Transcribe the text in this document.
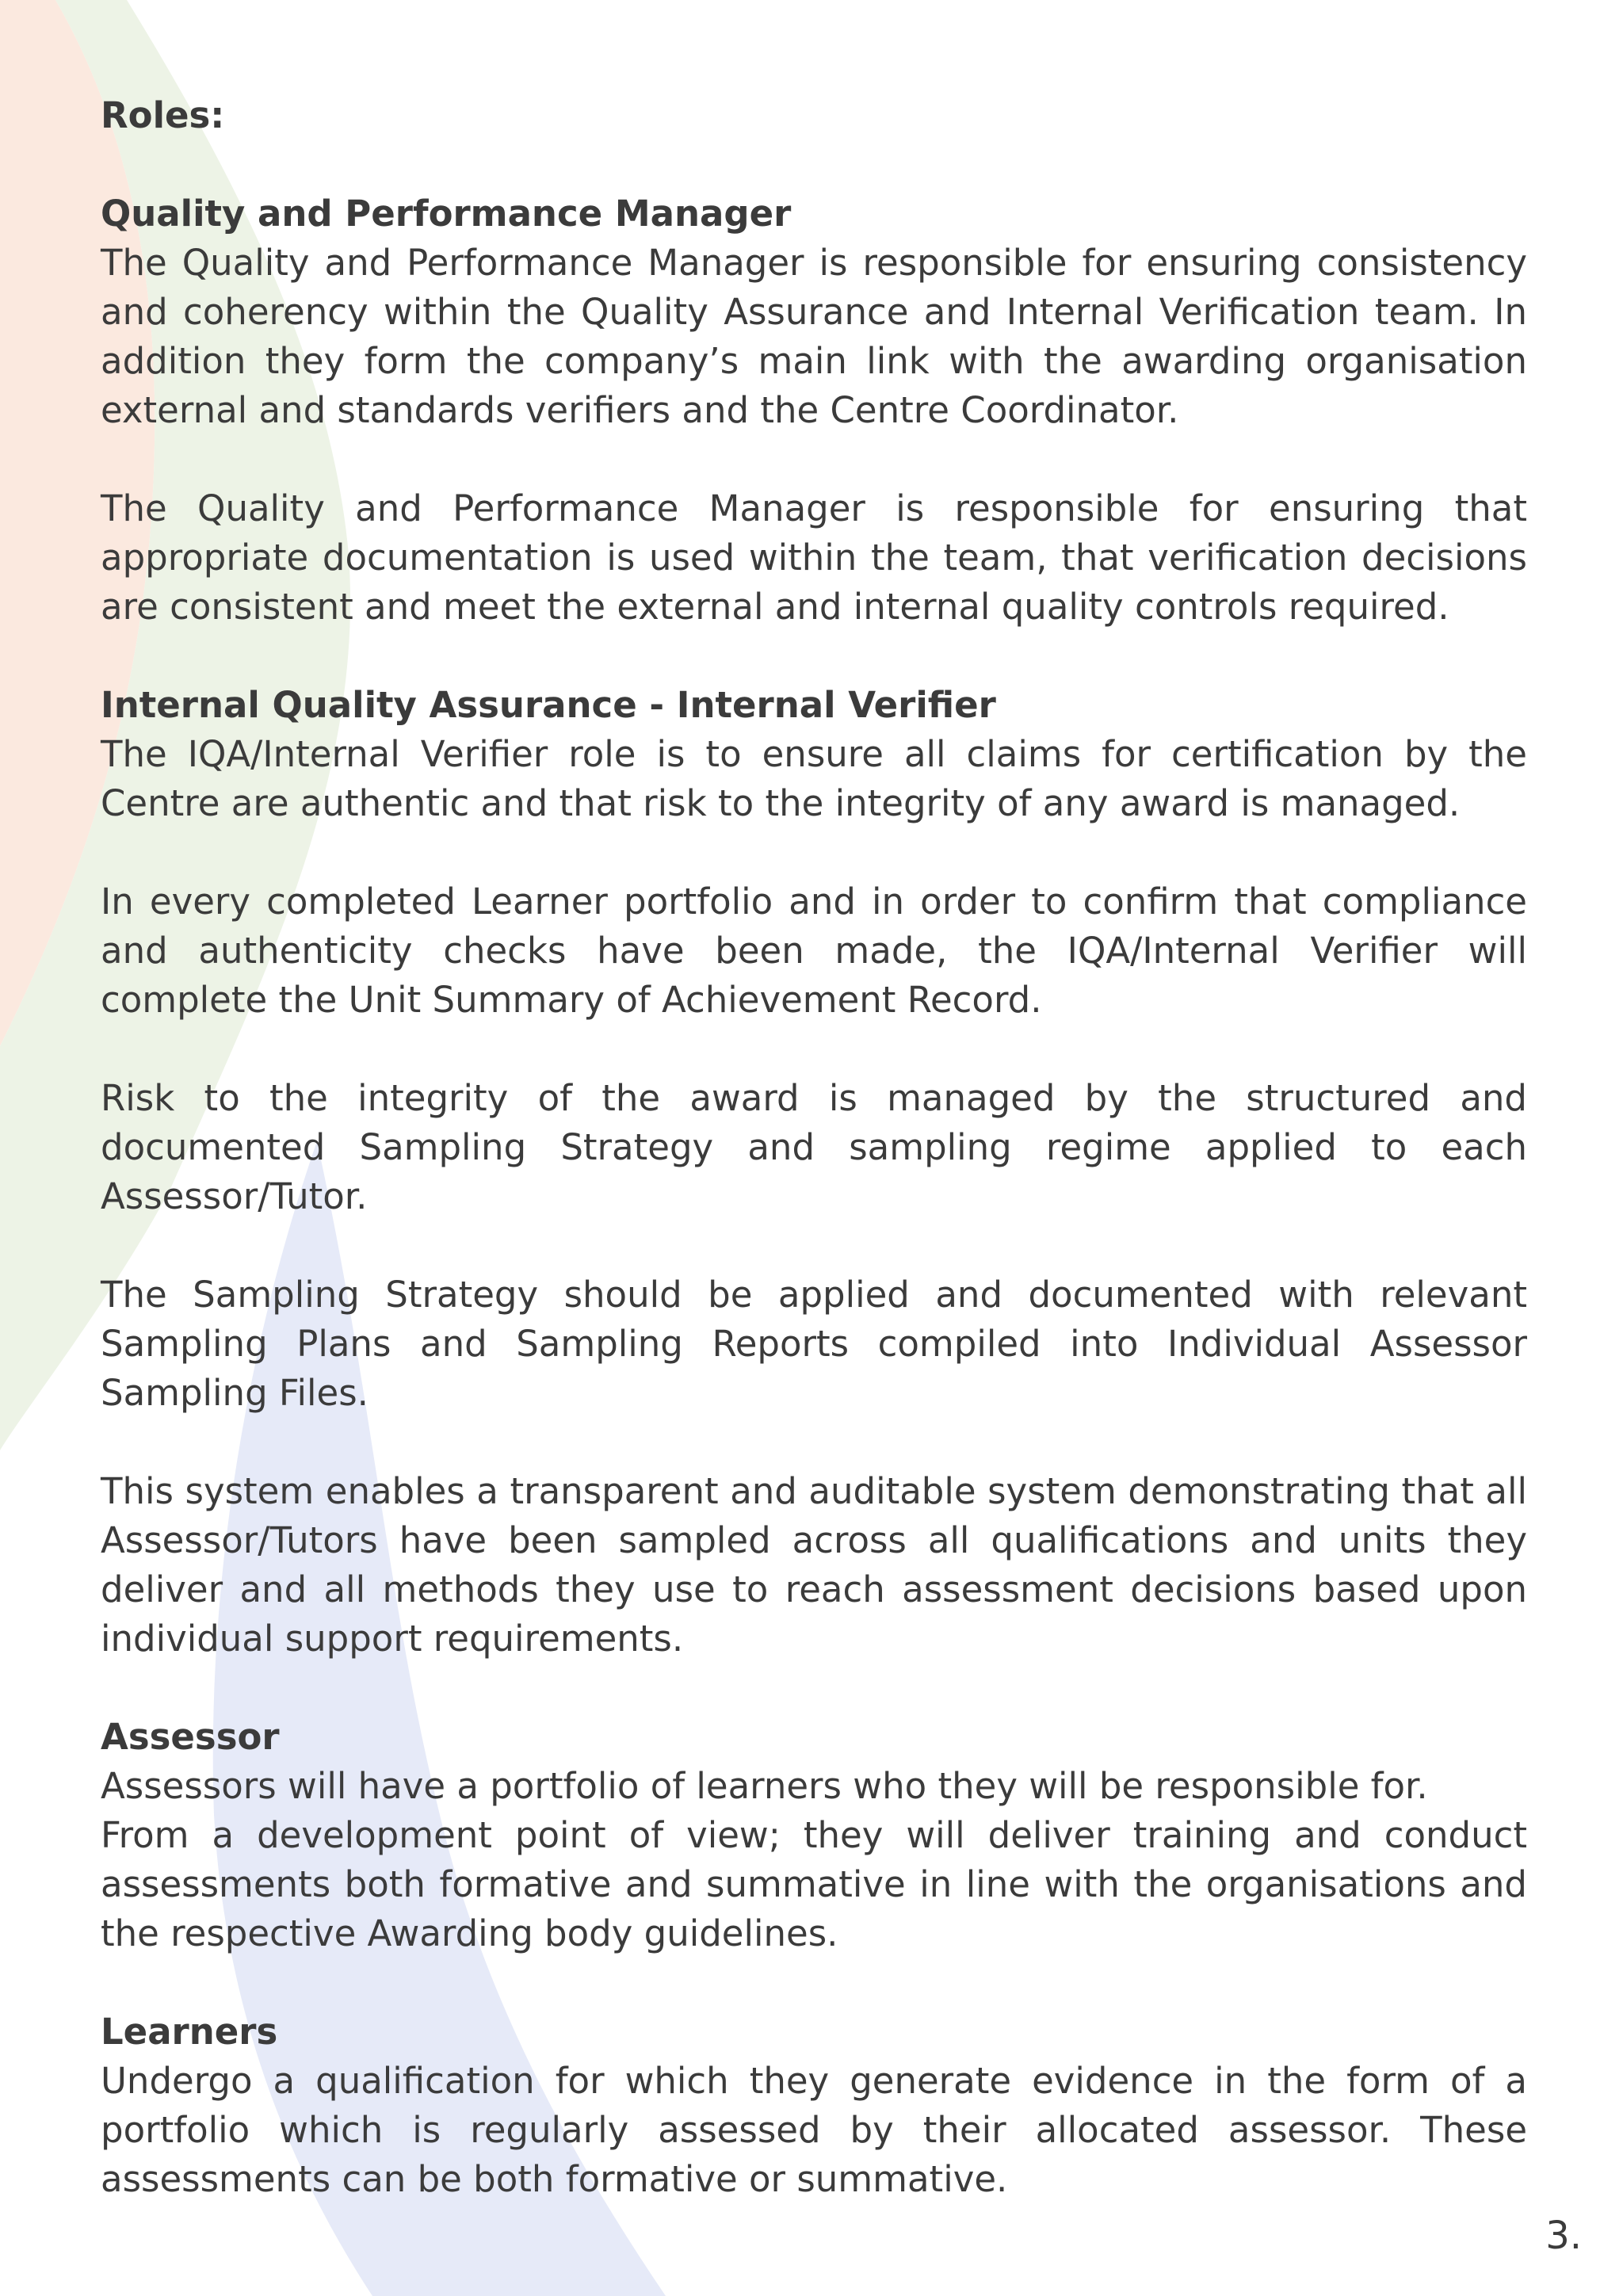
Roles:

Quality and Performance Manager

The Quality and Performance Manager is responsible for ensuring consistency and coherency within the Quality Assurance and Internal Verification team. In addition they form the company’s main link with the awarding organisation external and standards verifiers and the Centre Coordinator.

The Quality and Performance Manager is responsible for ensuring that appropriate documentation is used within the team, that verification decisions are consistent and meet the external and internal quality controls required.

Internal Quality Assurance - Internal Verifier

The IQA/Internal Verifier role is to ensure all claims for certification by the Centre are authentic and that risk to the integrity of any award is managed.

In every completed Learner portfolio and in order to confirm that compliance and authenticity checks have been made, the IQA/Internal Verifier will complete the Unit Summary of Achievement Record.

Risk to the integrity of the award is managed by the structured and documented Sampling Strategy and sampling regime applied to each Assessor/Tutor.

The Sampling Strategy should be applied and documented with relevant Sampling Plans and Sampling Reports compiled into Individual Assessor Sampling Files.

This system enables a transparent and auditable system demonstrating that all Assessor/Tutors have been sampled across all qualifications and units they deliver and all methods they use to reach assessment decisions based upon individual support requirements.

Assessor

Assessors will have a portfolio of learners who they will be responsible for.

From a development point of view; they will deliver training and conduct assessments both formative and summative in line with the organisations and the respective Awarding body guidelines.

Learners

Undergo a qualification for which they generate evidence in the form of a portfolio which is regularly assessed by their allocated assessor. These assessments can be both formative or summative.

3.
